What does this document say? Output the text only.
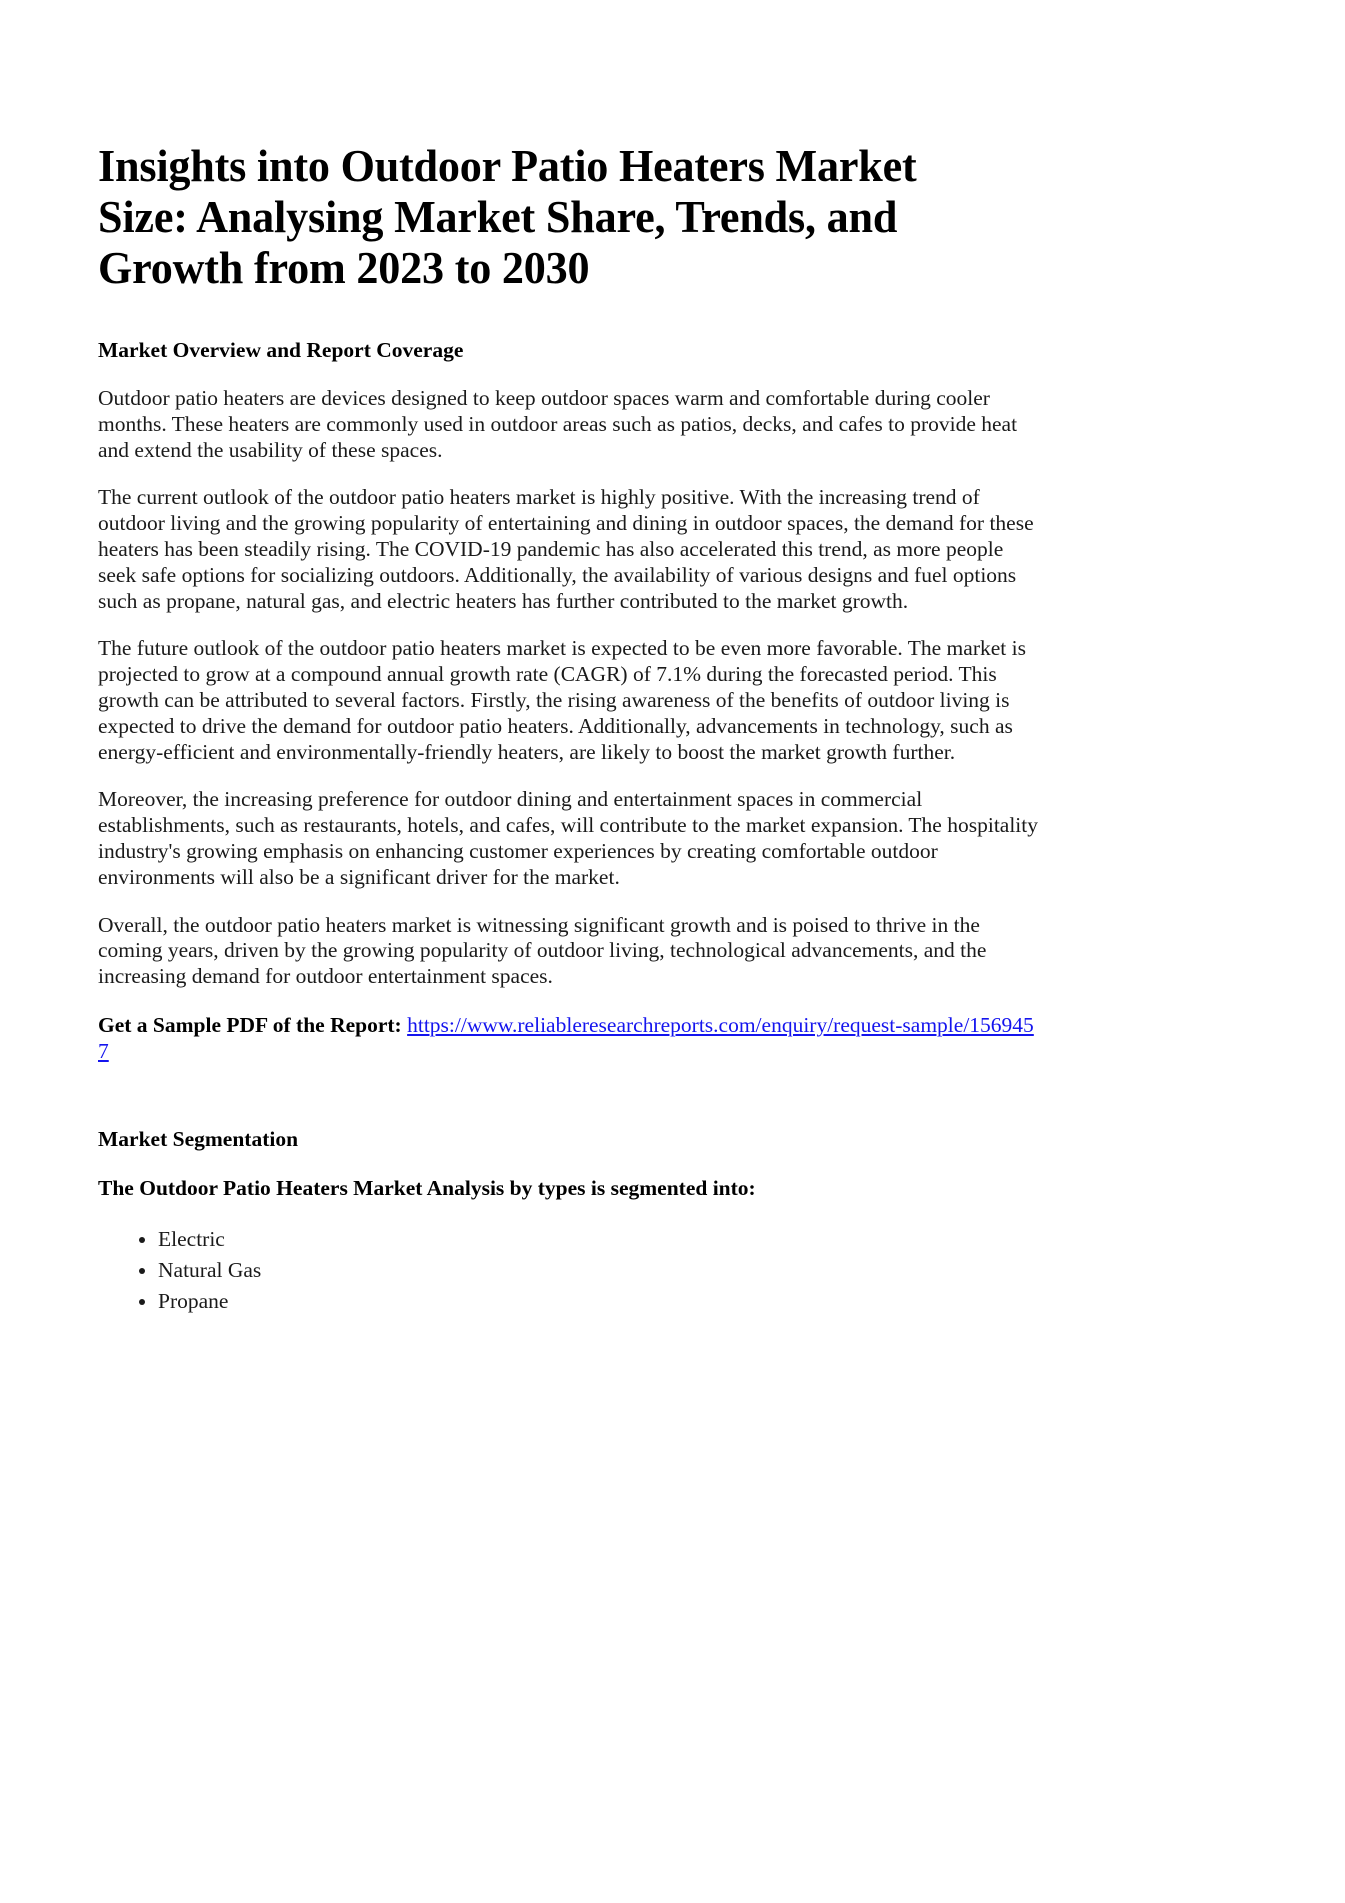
Insights into Outdoor Patio Heaters Market Size: Analysing Market Share, Trends, and Growth from 2023 to 2030
Market Overview and Report Coverage

Outdoor patio heaters are devices designed to keep outdoor spaces warm and comfortable during cooler months. These heaters are commonly used in outdoor areas such as patios, decks, and cafes to provide heat and extend the usability of these spaces.

The current outlook of the outdoor patio heaters market is highly positive. With the increasing trend of outdoor living and the growing popularity of entertaining and dining in outdoor spaces, the demand for these heaters has been steadily rising. The COVID-19 pandemic has also accelerated this trend, as more people seek safe options for socializing outdoors. Additionally, the availability of various designs and fuel options such as propane, natural gas, and electric heaters has further contributed to the market growth.

The future outlook of the outdoor patio heaters market is expected to be even more favorable. The market is projected to grow at a compound annual growth rate (CAGR) of 7.1% during the forecasted period. This growth can be attributed to several factors. Firstly, the rising awareness of the benefits of outdoor living is expected to drive the demand for outdoor patio heaters. Additionally, advancements in technology, such as energy-efficient and environmentally-friendly heaters, are likely to boost the market growth further.

Moreover, the increasing preference for outdoor dining and entertainment spaces in commercial establishments, such as restaurants, hotels, and cafes, will contribute to the market expansion. The hospitality industry's growing emphasis on enhancing customer experiences by creating comfortable outdoor environments will also be a significant driver for the market.

Overall, the outdoor patio heaters market is witnessing significant growth and is poised to thrive in the coming years, driven by the growing popularity of outdoor living, technological advancements, and the increasing demand for outdoor entertainment spaces.

Get a Sample PDF of the Report: https://www.reliableresearchreports.com/enquiry/request-sample/1569457

Market Segmentation
The Outdoor Patio Heaters Market Analysis by types is segmented into:
• Electric
• Natural Gas
• Propane
